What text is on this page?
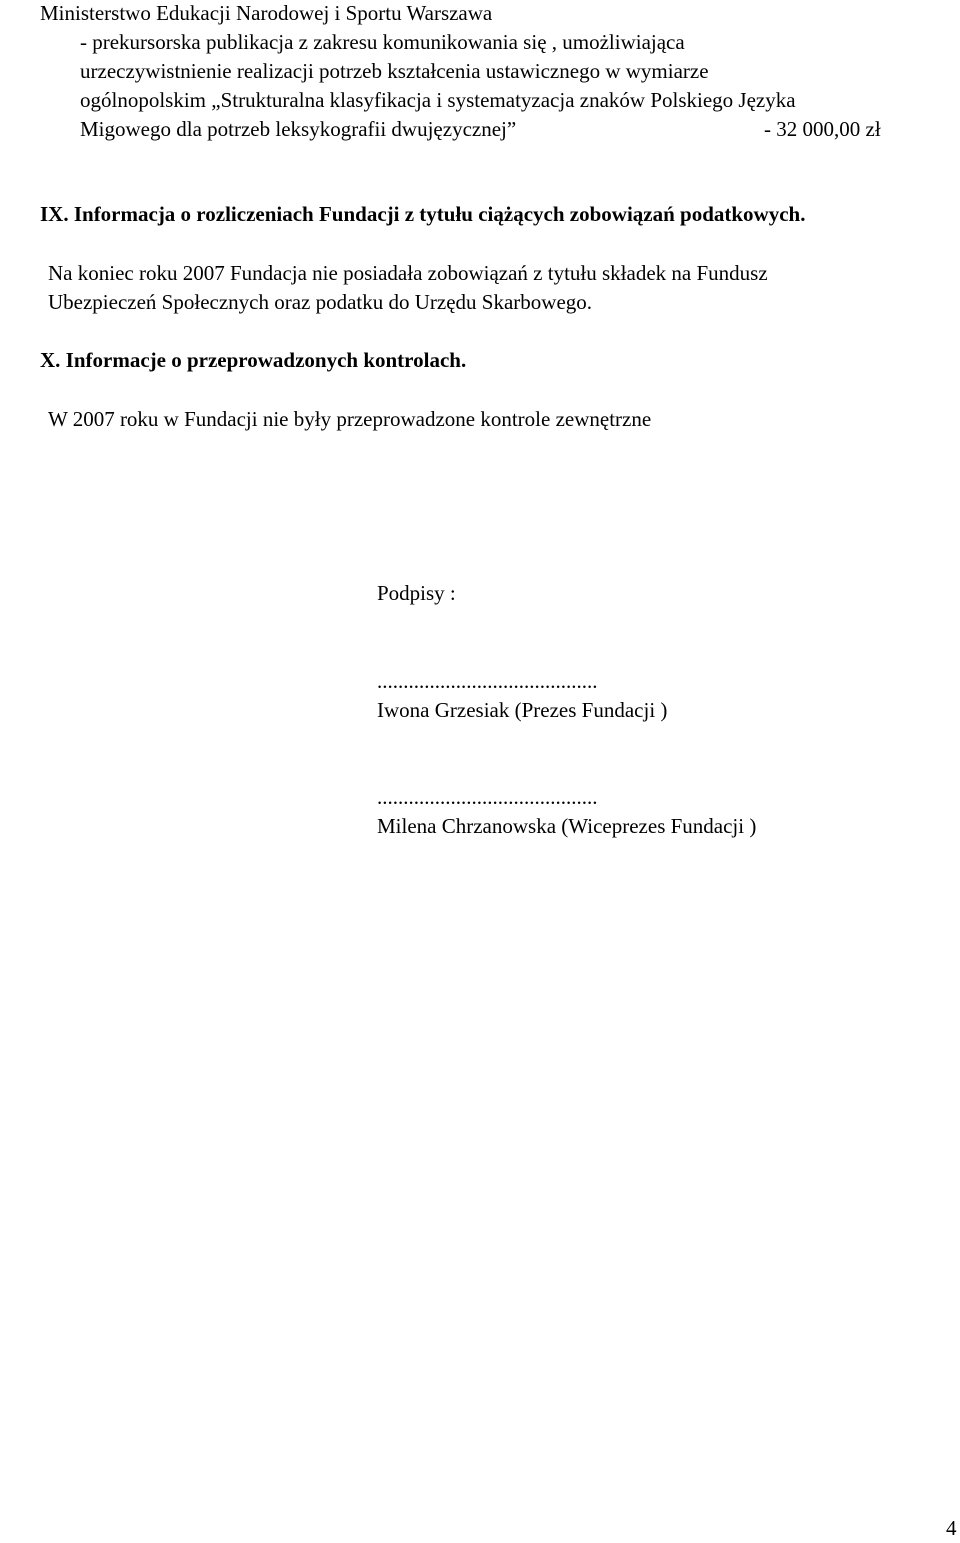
Ministerstwo Edukacji Narodowej i Sportu Warszawa
- prekursorska publikacja z zakresu komunikowania się , umożliwiająca
urzeczywistnienie realizacji potrzeb kształcenia ustawicznego w wymiarze
ogólnopolskim „Strukturalna klasyfikacja i systematyzacja znaków Polskiego Języka
Migowego dla potrzeb leksykografii dwujęzycznej”	- 32 000,00 zł
IX. Informacja o rozliczeniach Fundacji z tytułu ciążących zobowiązań podatkowych.
Na koniec roku 2007 Fundacja nie posiadała zobowiązań z tytułu składek na Fundusz
Ubezpieczeń Społecznych oraz podatku do Urzędu Skarbowego.
X. Informacje o przeprowadzonych kontrolach.
W 2007 roku w Fundacji nie były przeprowadzone kontrole zewnętrzne
Podpisy :
..........................................
Iwona Grzesiak (Prezes Fundacji )
..........................................
Milena Chrzanowska (Wiceprezes Fundacji )
4
